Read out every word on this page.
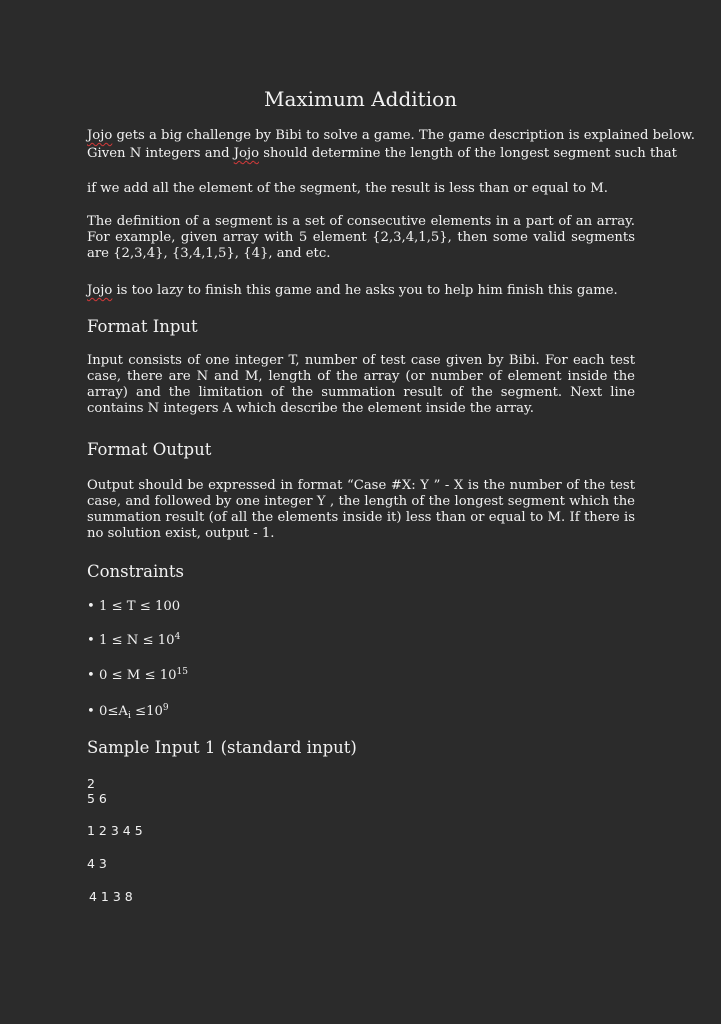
Maximum Addition
Jojo gets a big challenge by Bibi to solve a game. The game description is explained below.
Given N integers and Jojo should determine the length of the longest segment such that
if we add all the element of the segment, the result is less than or equal to M.
The definition of a segment is a set of consecutive elements in a part of an array. For example, given array with 5 element {2,3,4,1,5}, then some valid segments are {2,3,4}, {3,4,1,5}, {4}, and etc.
Jojo is too lazy to finish this game and he asks you to help him finish this game.
Format Input
Input consists of one integer T, number of test case given by Bibi. For each test case, there are N and M, length of the array (or number of element inside the array) and the limitation of the summation result of the segment. Next line contains N integers A which describe the element inside the array.
Format Output
Output should be expressed in format “Case #X: Y ” - X is the number of the test case, and followed by one integer Y , the length of the longest segment which the summation result (of all the elements inside it) less than or equal to M. If there is no solution exist, output - 1.
Constraints
• 1 ≤ T ≤ 100
• $1 \le N \le 10^4$
• $0 \le M \le 10^{15}$
• $0\le A_i \le 10^9$
Sample Input 1 (standard input)
2
5 6
1 2 3 4 5
4 3
4 1 3 8
